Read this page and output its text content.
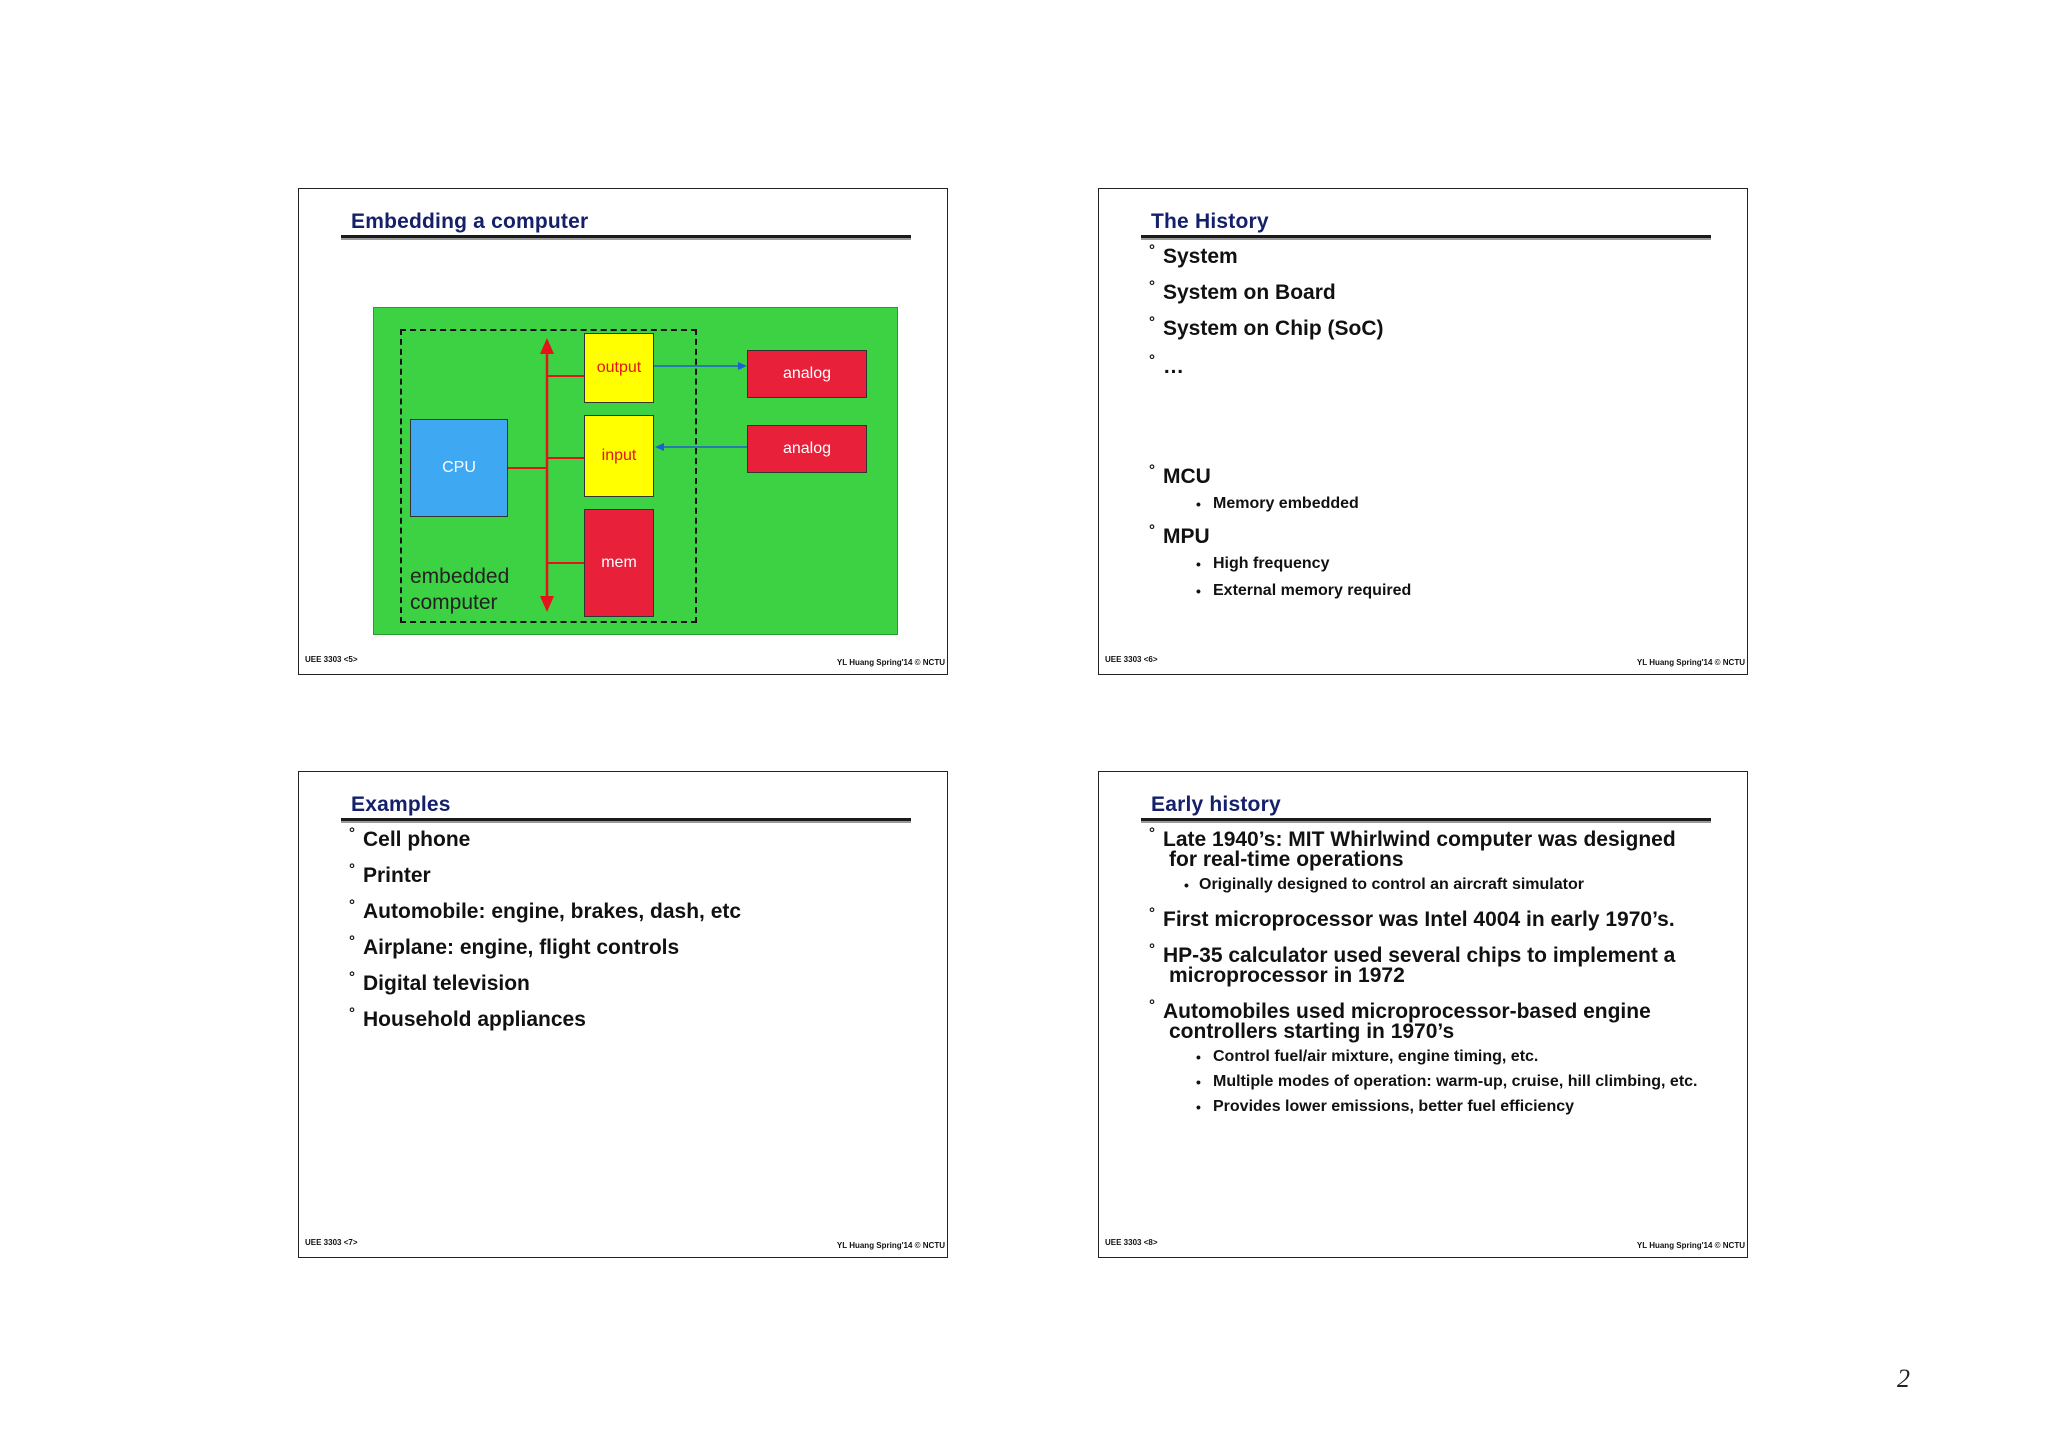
Embedding a computer
CPU
output
input
mem
analog
analog
embedded
computer
UEE 3303 <5>	YL Huang Spring'14 © NCTU
The History
° System
° System on Board
° System on Chip (SoC)
° …
° MCU
• Memory embedded
° MPU
• High frequency
• External memory required
UEE 3303 <6>	YL Huang Spring'14 © NCTU
Examples
° Cell phone
° Printer
° Automobile: engine, brakes, dash, etc
° Airplane: engine, flight controls
° Digital television
° Household appliances
UEE 3303 <7>	YL Huang Spring'14 © NCTU
Early history
° Late 1940’s: MIT Whirlwind computer was designed
for real-time operations
• Originally designed to control an aircraft simulator
° First microprocessor was Intel 4004 in early 1970’s.
° HP-35 calculator used several chips to implement a
microprocessor in 1972
° Automobiles used microprocessor-based engine
controllers starting in 1970’s
• Control fuel/air mixture, engine timing, etc.
• Multiple modes of operation: warm-up, cruise, hill climbing, etc.
• Provides lower emissions, better fuel efficiency
UEE 3303 <8>	YL Huang Spring'14 © NCTU
2
